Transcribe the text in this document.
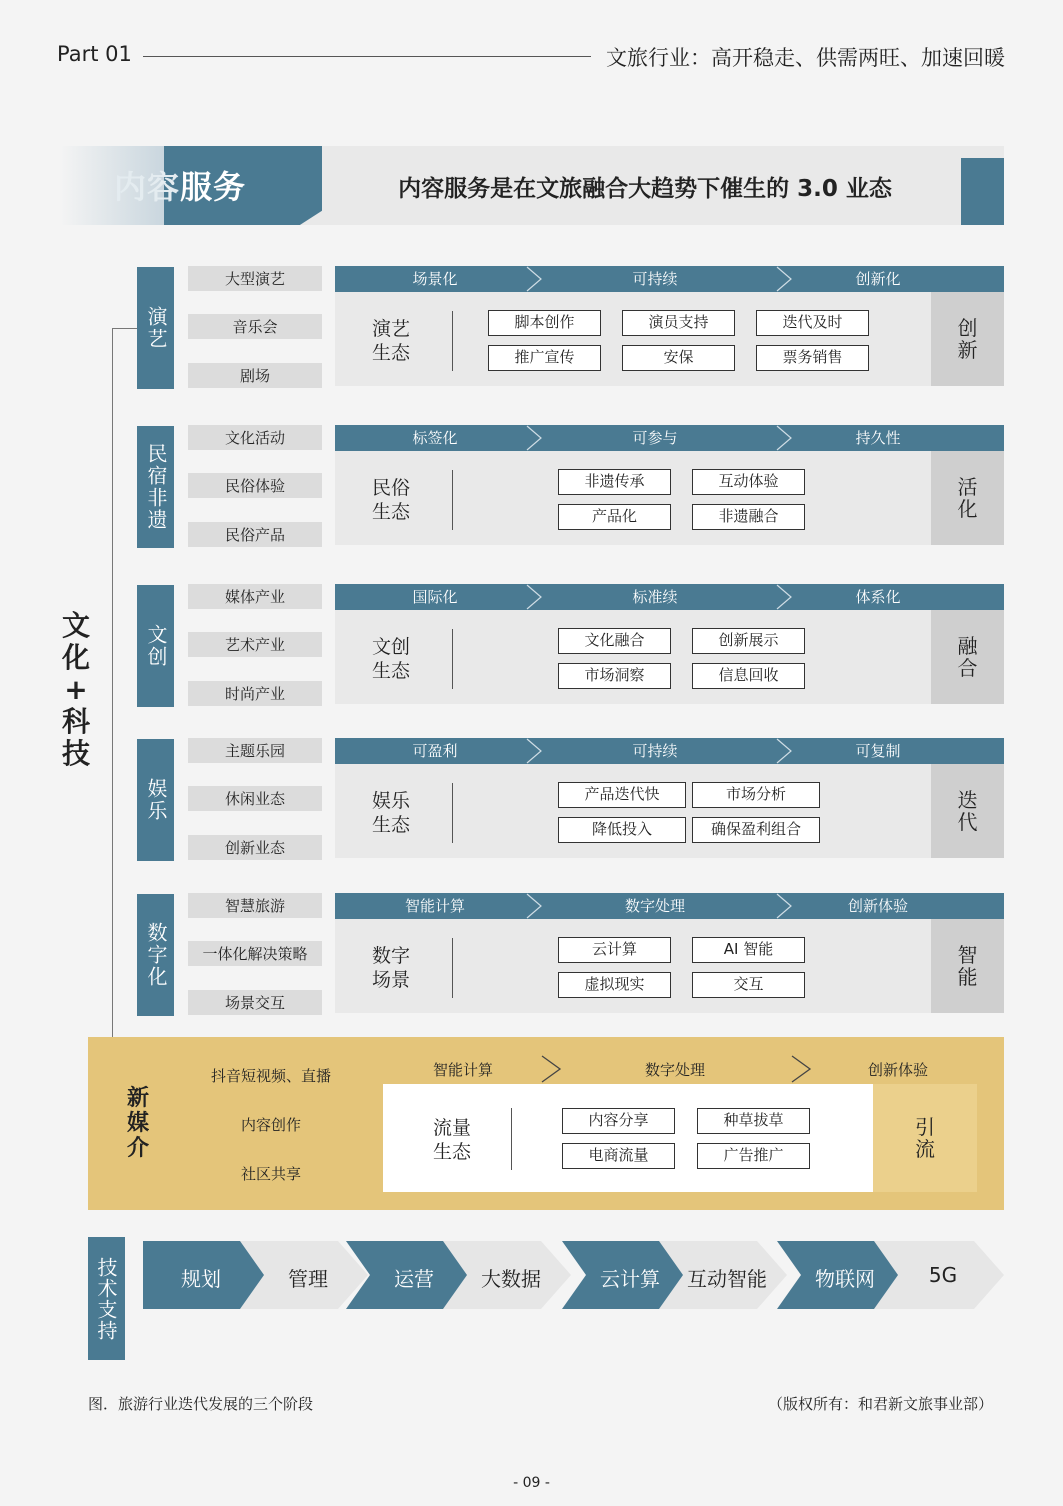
Part 01	文旅行业：高开稳走、供需两旺、加速回暖
内容服务	内容服务是在文旅融合大趋势下催生的 3.0 业态
文
化
+
科
技
演艺
大型演艺
音乐会
剧场
场景化	可持续	创新化
演艺
生态
脚本创作	演员支持	迭代及时
推广宣传	安保	票务销售
创
新
民宿非遗
文化活动
民俗体验
民俗产品
标签化	可参与	持久性
民俗
生态
非遗传承	互动体验
产品化	非遗融合
活
化
文创
媒体产业
艺术产业
时尚产业
国际化	标准续	体系化
文创
生态
文化融合	创新展示
市场洞察	信息回收
融
合
娱乐
主题乐园
休闲业态
创新业态
可盈利	可持续	可复制
娱乐
生态
产品迭代快	市场分析
降低投入	确保盈利组合
迭
代
数字化
智慧旅游
一体化解决策略
场景交互
智能计算	数字处理	创新体验
数字
场景
云计算	AI 智能
虚拟现实	交互
智
能
新
媒
介
抖音短视频、直播
内容创作
社区共享
智能计算	数字处理	创新体验
引
流
流量
生态
内容分享	种草拔草
电商流量	广告推广
技术支持	规划	管理	运营	大数据	云计算	互动智能	物联网	5G
图．旅游行业迭代发展的三个阶段	（版权所有：和君新文旅事业部）
- 09 -
